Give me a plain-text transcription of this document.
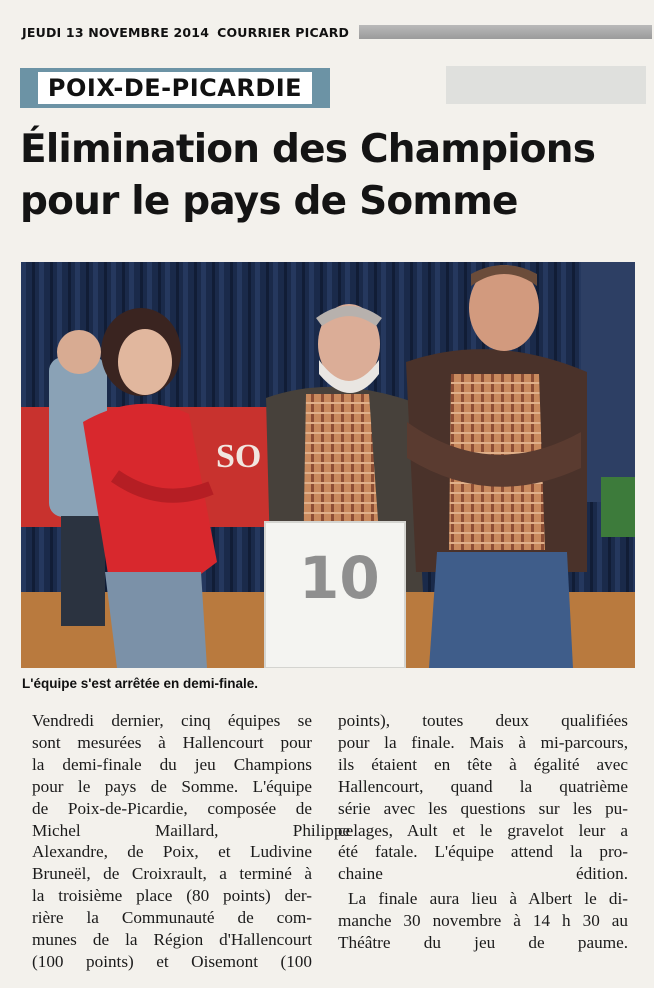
JEUDI 13 NOVEMBRE 2014 COURRIER PICARD
POIX-DE-PICARDIE
Élimination des Champions
pour le pays de Somme
SO
10
L'équipe s'est arrêtée en demi-finale.

Vendredi dernier, cinq équipes se
sont mesurées à Hallencourt pour
la demi-finale du jeu Champions
pour le pays de Somme. L'équipe
de Poix-de-Picardie, composée de
Michel Maillard, Philippe
Alexandre, de Poix, et Ludivine
Bruneël, de Croixrault, a terminé à
la troisième place (80 points) der-
rière la Communauté de com-
munes de la Région d'Hallencourt
(100 points) et Oisemont (100

points), toutes deux qualifiées
pour la finale. Mais à mi-parcours,
ils étaient en tête à égalité avec
Hallencourt, quand la quatrième
série avec les questions sur les pu-
celages, Ault et le gravelot leur a
été fatale. L'équipe attend la pro-
chaine édition.

La finale aura lieu à Albert le di-
manche 30 novembre à 14 h 30 au
Théâtre du jeu de paume.
